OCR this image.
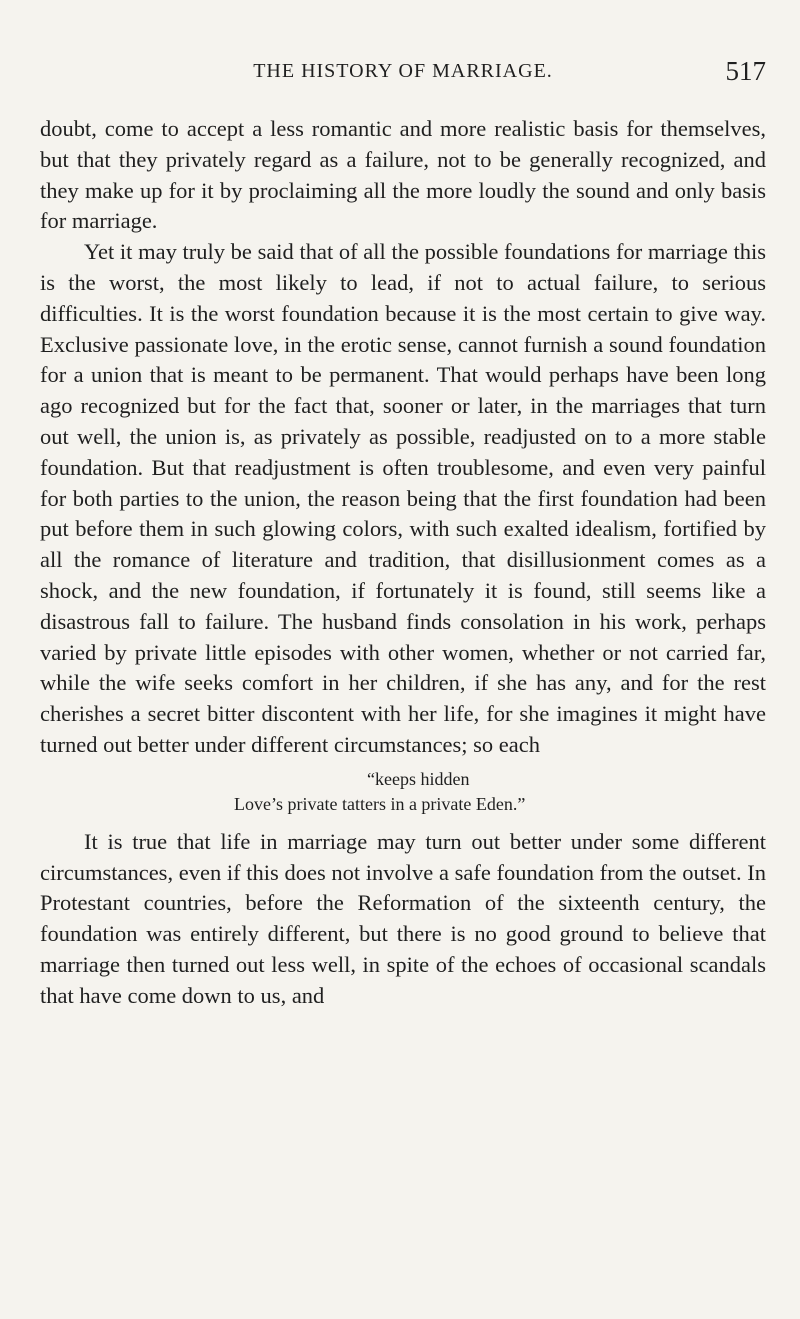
THE HISTORY OF MARRIAGE.	517

doubt, come to accept a less romantic and more realistic basis for themselves, but that they privately regard as a failure, not to be generally recognized, and they make up for it by proclaiming all the more loudly the sound and only basis for marriage.

Yet it may truly be said that of all the possible foundations for marriage this is the worst, the most likely to lead, if not to actual failure, to serious difficulties. It is the worst foundation because it is the most certain to give way. Exclusive passionate love, in the erotic sense, cannot furnish a sound foundation for a union that is meant to be permanent. That would perhaps have been long ago recognized but for the fact that, sooner or later, in the marriages that turn out well, the union is, as privately as possible, readjusted on to a more stable foundation. But that readjustment is often troublesome, and even very painful for both parties to the union, the reason being that the first foundation had been put before them in such glowing colors, with such exalted idealism, fortified by all the romance of literature and tradition, that disillusionment comes as a shock, and the new foundation, if fortunately it is found, still seems like a disastrous fall to failure. The husband finds consolation in his work, perhaps varied by private little episodes with other women, whether or not carried far, while the wife seeks comfort in her children, if she has any, and for the rest cherishes a secret bitter discontent with her life, for she imagines it might have turned out better under different circumstances; so each

“keeps hidden
Love’s private tatters in a private Eden.”

It is true that life in marriage may turn out better under some different circumstances, even if this does not involve a safe foundation from the outset. In Protestant countries, before the Reformation of the sixteenth century, the foundation was entirely different, but there is no good ground to believe that marriage then turned out less well, in spite of the echoes of occasional scandals that have come down to us, and
